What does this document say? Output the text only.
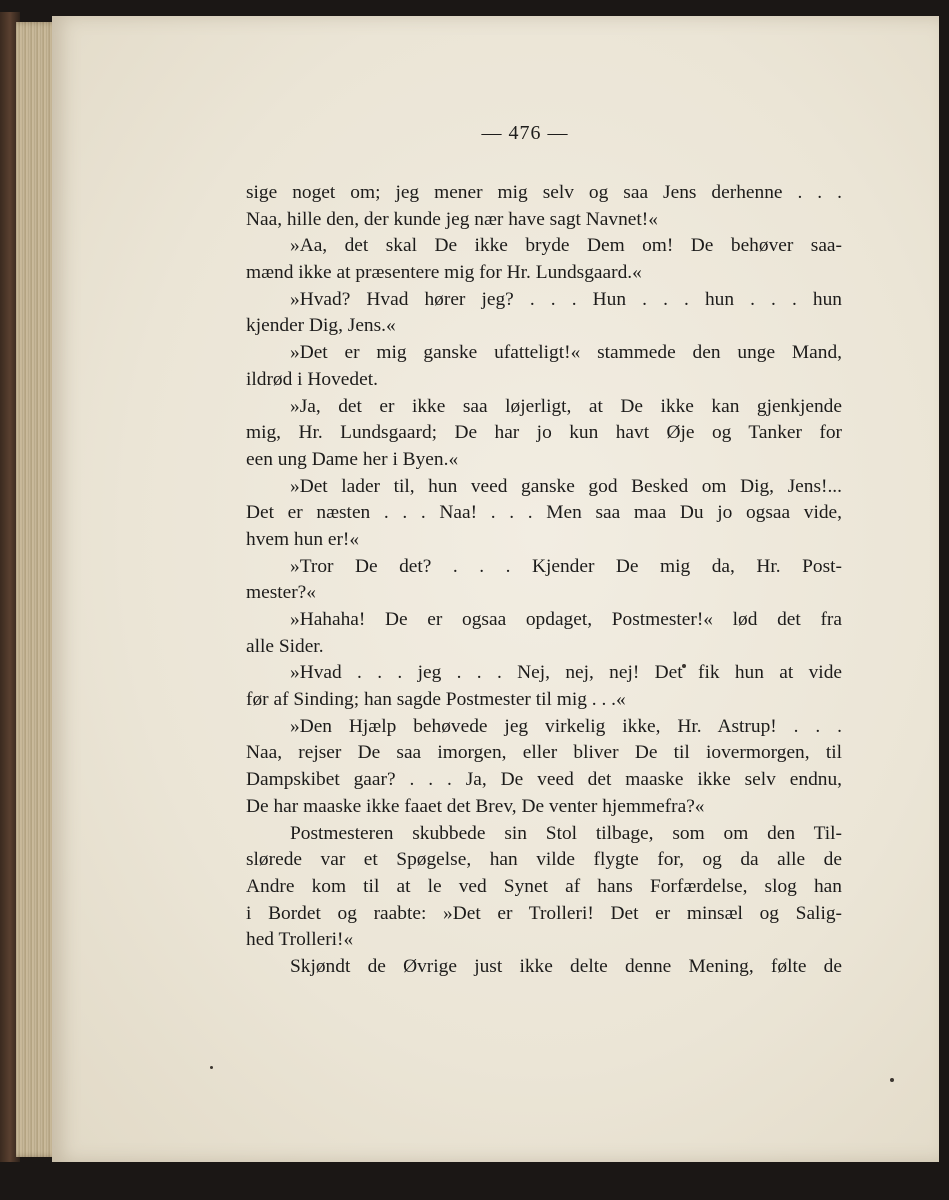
— 476 —
sige noget om; jeg mener mig selv og saa Jens derhenne . . .
Naa, hille den, der kunde jeg nær have sagt Navnet!«
»Aa, det skal De ikke bryde Dem om! De behøver saa-
mænd ikke at præsentere mig for Hr. Lundsgaard.«
»Hvad? Hvad hører jeg? . . . Hun . . . hun . . . hun
kjender Dig, Jens.«
»Det er mig ganske ufatteligt!« stammede den unge Mand,
ildrød i Hovedet.
»Ja, det er ikke saa løjerligt, at De ikke kan gjenkjende
mig, Hr. Lundsgaard; De har jo kun havt Øje og Tanker for
een ung Dame her i Byen.«
»Det lader til, hun veed ganske god Besked om Dig, Jens!...
Det er næsten . . . Naa! . . . Men saa maa Du jo ogsaa vide,
hvem hun er!«
»Tror De det? . . . Kjender De mig da, Hr. Post-
mester?«
»Hahaha! De er ogsaa opdaget, Postmester!« lød det fra
alle Sider.
»Hvad . . . jeg . . . Nej, nej, nej! Det fik hun at vide
før af Sinding; han sagde Postmester til mig . . .«
»Den Hjælp behøvede jeg virkelig ikke, Hr. Astrup! . . .
Naa, rejser De saa imorgen, eller bliver De til iovermorgen, til
Dampskibet gaar? . . . Ja, De veed det maaske ikke selv endnu,
De har maaske ikke faaet det Brev, De venter hjemmefra?«
Postmesteren skubbede sin Stol tilbage, som om den Til-
slørede var et Spøgelse, han vilde flygte for, og da alle de
Andre kom til at le ved Synet af hans Forfærdelse, slog han
i Bordet og raabte: »Det er Trolleri! Det er minsæl og Salig-
hed Trolleri!«
Skjøndt de Øvrige just ikke delte denne Mening, følte de
